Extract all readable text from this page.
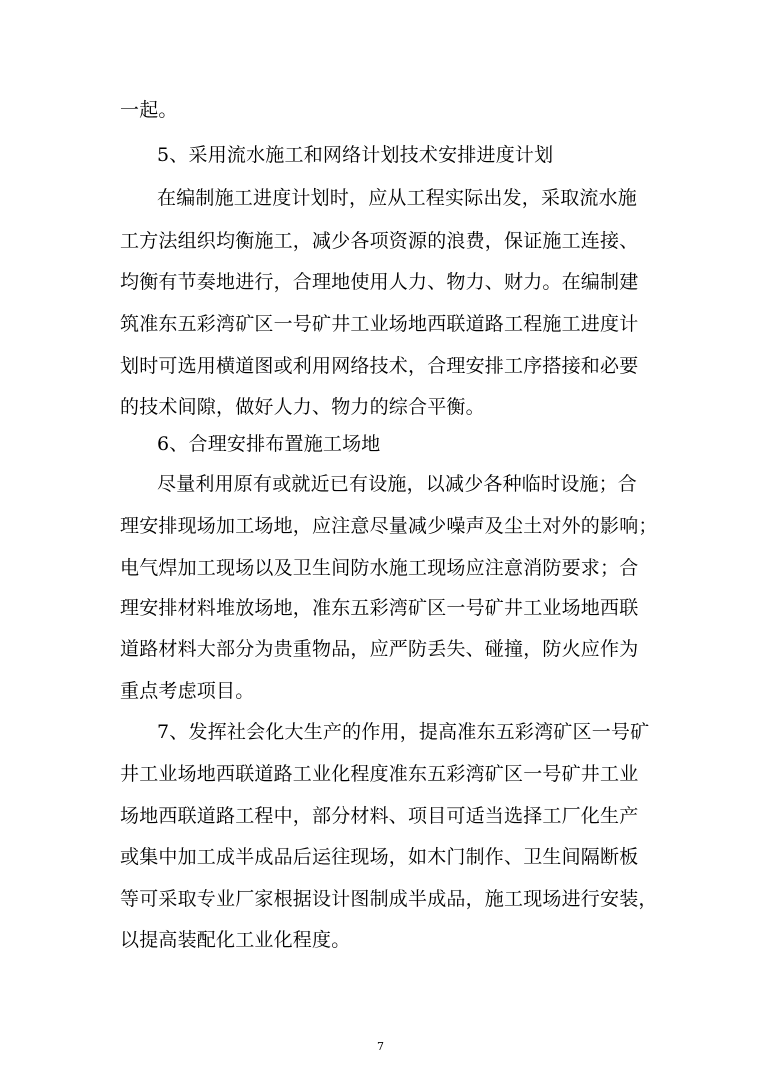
一起。
5、采用流水施工和网络计划技术安排进度计划
在编制施工进度计划时，应从工程实际出发，采取流水施
工方法组织均衡施工，减少各项资源的浪费，保证施工连接、
均衡有节奏地进行，合理地使用人力、物力、财力。在编制建
筑准东五彩湾矿区一号矿井工业场地西联道路工程施工进度计
划时可选用横道图或利用网络技术，合理安排工序搭接和必要
的技术间隙，做好人力、物力的综合平衡。
6、合理安排布置施工场地
尽量利用原有或就近已有设施，以减少各种临时设施；合
理安排现场加工场地，应注意尽量减少噪声及尘土对外的影响；
电气焊加工现场以及卫生间防水施工现场应注意消防要求；合
理安排材料堆放场地，准东五彩湾矿区一号矿井工业场地西联
道路材料大部分为贵重物品，应严防丢失、碰撞，防火应作为
重点考虑项目。
7、发挥社会化大生产的作用，提高准东五彩湾矿区一号矿
井工业场地西联道路工业化程度准东五彩湾矿区一号矿井工业
场地西联道路工程中，部分材料、项目可适当选择工厂化生产
或集中加工成半成品后运往现场，如木门制作、卫生间隔断板
等可采取专业厂家根据设计图制成半成品，施工现场进行安装，
以提高装配化工业化程度。
7
